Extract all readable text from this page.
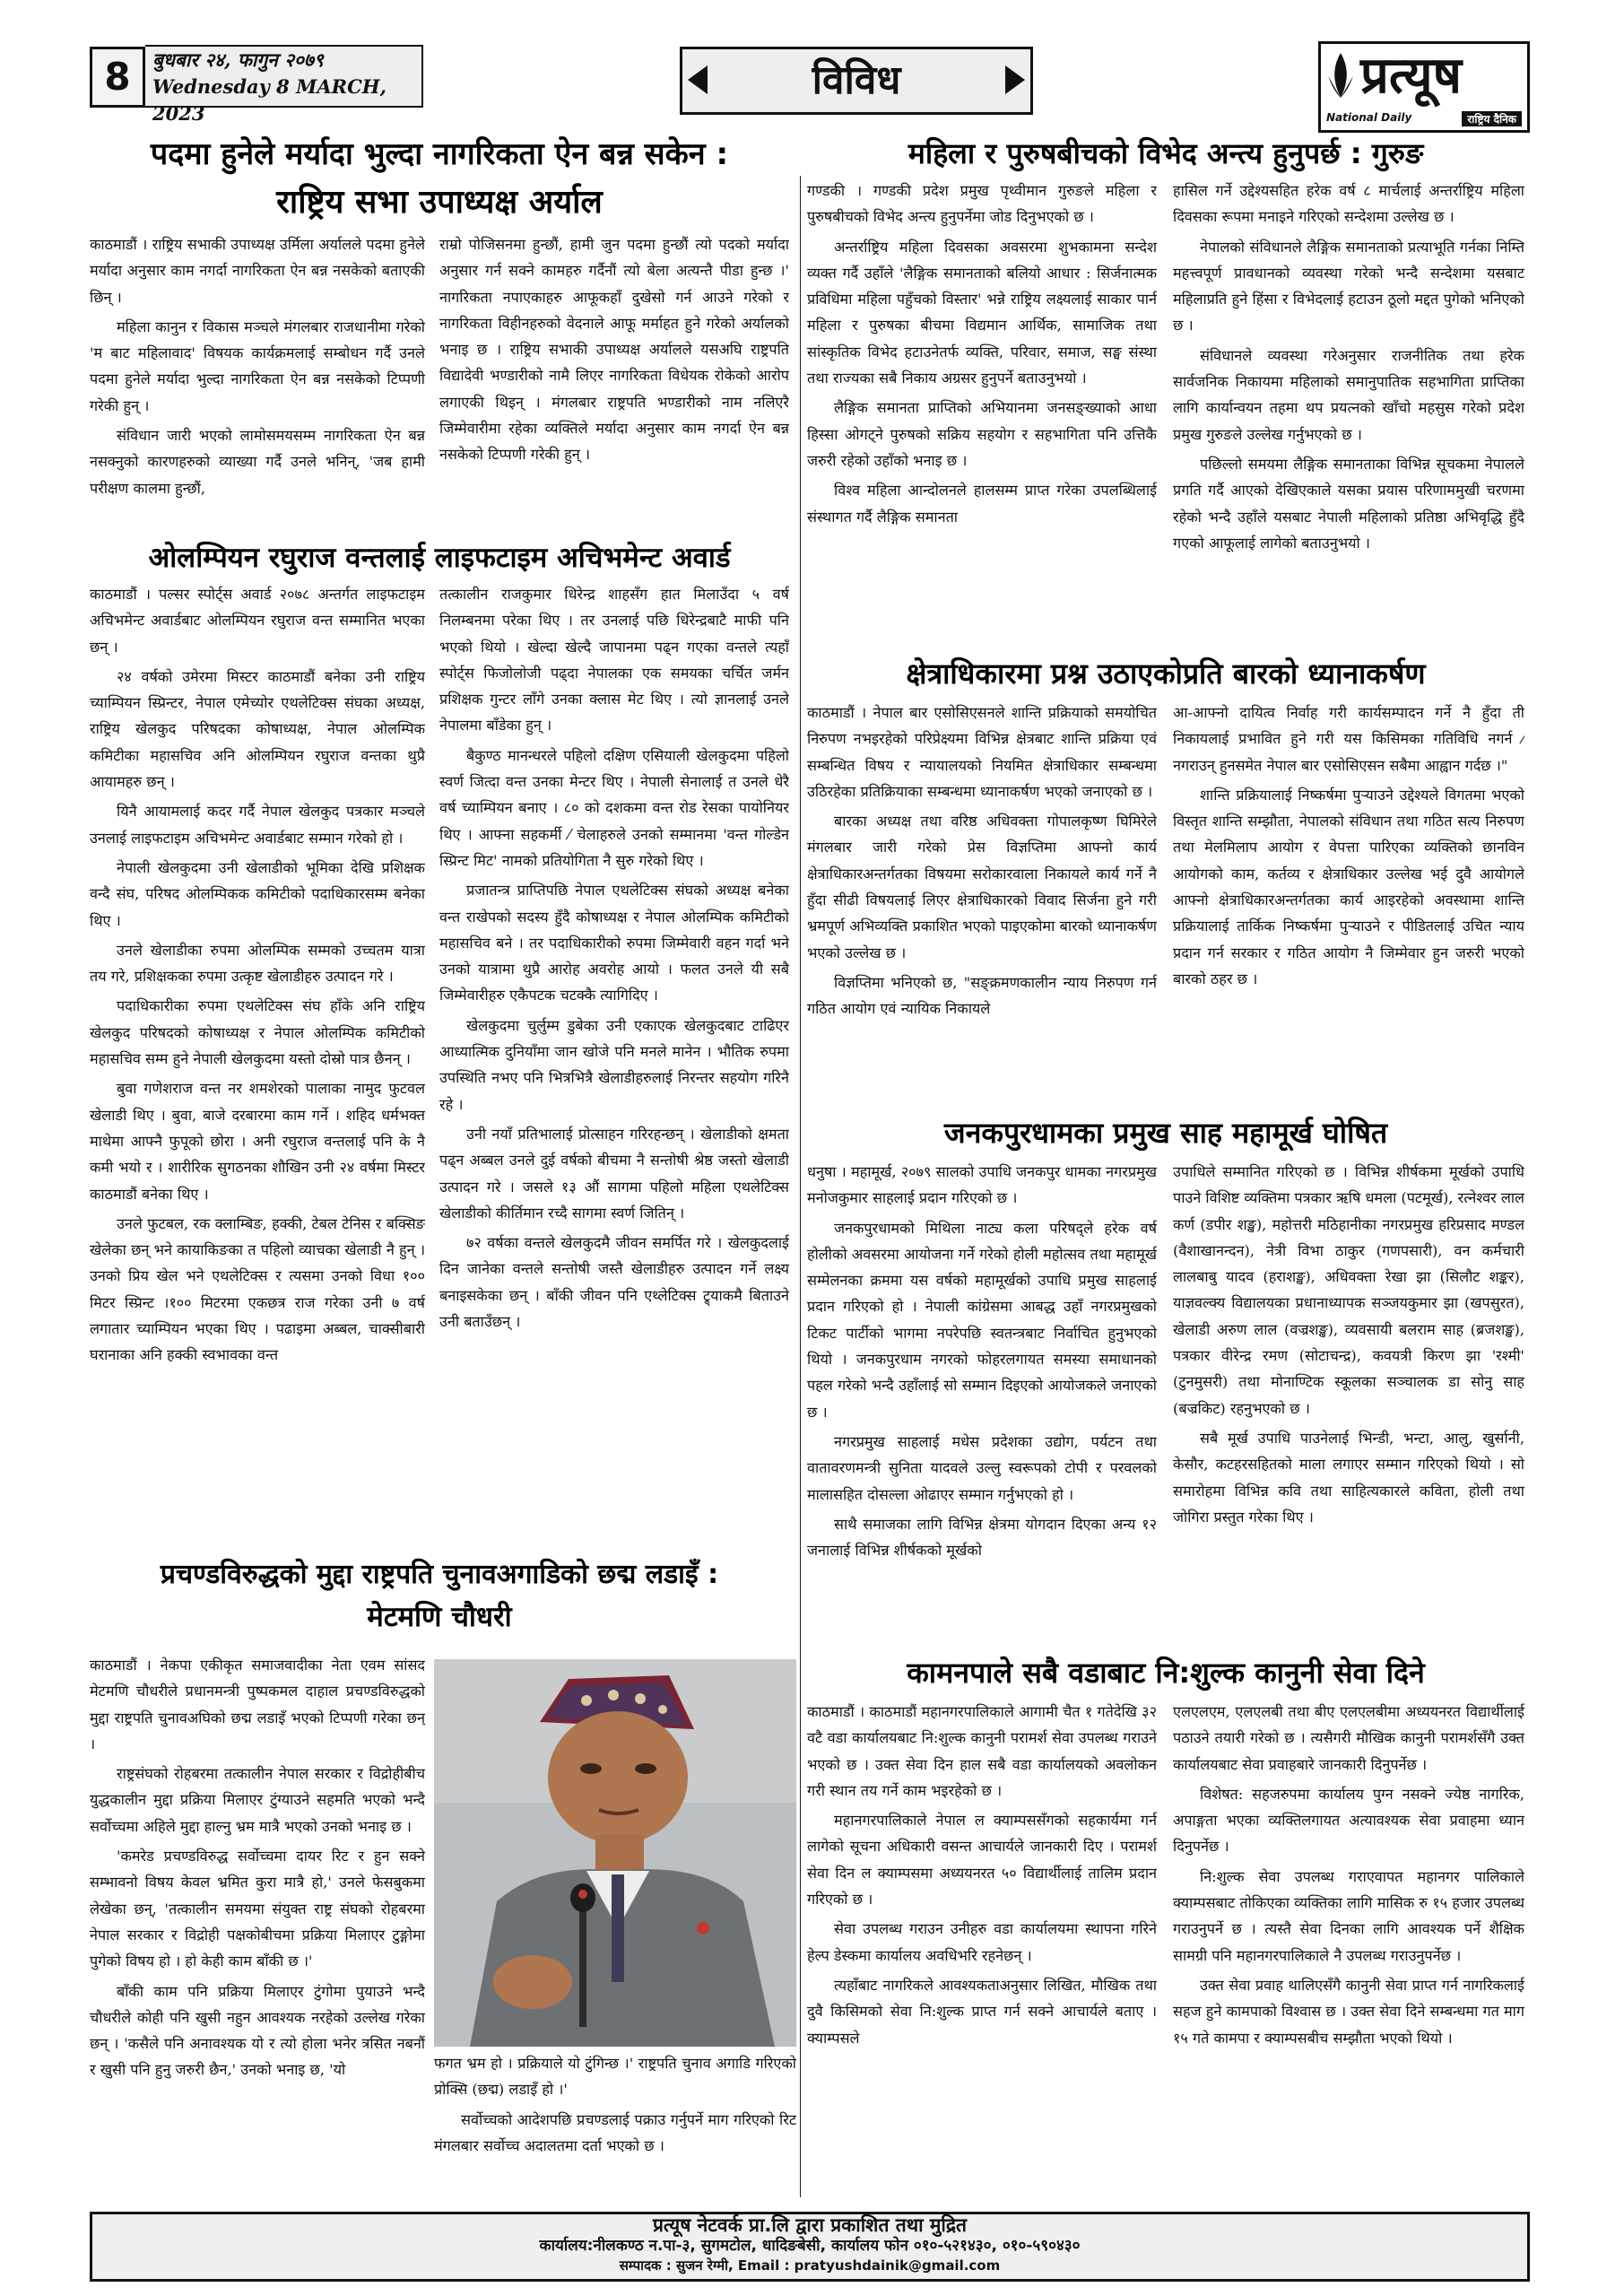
8	बुधबार २४, फागुन २०७९
Wednesday 8 MARCH, 2023
विविध	प्रत्यूष
National Daily	राष्ट्रिय दैनिक
पदमा हुनेले मर्यादा भुल्दा नागरिकता ऐन बन्न सकेन :
राष्ट्रिय सभा उपाध्यक्ष अर्याल

काठमाडौं । राष्ट्रिय सभाकी उपाध्यक्ष उर्मिला अर्यालले पदमा हुनेले मर्यादा अनुसार काम नगर्दा नागरिकता ऐन बन्न नसकेको बताएकी छिन् ।

महिला कानुन र विकास मञ्चले मंगलबार राजधानीमा गरेको 'म बाट महिलावाद' विषयक कार्यक्रमलाई सम्बोधन गर्दै उनले पदमा हुनेले मर्यादा भुल्दा नागरिकता ऐन बन्न नसकेको टिप्पणी गरेकी हुन् ।

संविधान जारी भएको लामोसमयसम्म नागरिकता ऐन बन्न नसक्नुको कारणहरुको व्याख्या गर्दै उनले भनिन्, 'जब हामी परीक्षण कालमा हुन्छौं,

राम्रो पोजिसनमा हुन्छौं, हामी जुन पदमा हुन्छौं त्यो पदको मर्यादा अनुसार गर्न सक्ने कामहरु गर्दैनौं त्यो बेला अत्यन्तै पीडा हुन्छ ।' नागरिकता नपाएकाहरु आफूकहाँ दुखेसो गर्न आउने गरेको र नागरिकता विहीनहरुको वेदनाले आफू मर्माहत हुने गरेको अर्यालको भनाइ छ । राष्ट्रिय सभाकी उपाध्यक्ष अर्यालले यसअघि राष्ट्रपति विद्यादेवी भण्डारीको नामै लिएर नागरिकता विधेयक रोकेको आरोप लगाएकी थिइन् । मंगलबार राष्ट्रपति भण्डारीको नाम नलिएरै जिम्मेवारीमा रहेका व्यक्तिले मर्यादा अनुसार काम नगर्दा ऐन बन्न नसकेको टिप्पणी गरेकी हुन् ।

ओलम्पियन रघुराज वन्तलाई लाइफटाइम अचिभमेन्ट अवार्ड

काठमाडौं । पल्सर स्पोर्ट्स अवार्ड २०७८ अन्तर्गत लाइफटाइम अचिभमेन्ट अवार्डबाट ओलम्पियन रघुराज वन्त सम्मानित भएका छन् ।

२४ वर्षको उमेरमा मिस्टर काठमाडौं बनेका उनी राष्ट्रिय च्याम्पियन स्प्रिन्टर, नेपाल एमेच्योर एथलेटिक्स संघका अध्यक्ष, राष्ट्रिय खेलकुद परिषदका कोषाध्यक्ष, नेपाल ओलम्पिक कमिटीका महासचिव अनि ओलम्पियन रघुराज वन्तका थुप्रै आयामहरु छन् ।

यिनै आयामलाई कदर गर्दै नेपाल खेलकुद पत्रकार मञ्चले उनलाई लाइफटाइम अचिभमेन्ट अवार्डबाट सम्मान गरेको हो ।

नेपाली खेलकुदमा उनी खेलाडीको भूमिका देखि प्रशिक्षक वन्दै संघ, परिषद ओलम्पिकक कमिटीको पदाधिकारसम्म बनेका थिए ।

उनले खेलाडीका रुपमा ओलम्पिक सम्मको उच्चतम यात्रा तय गरे, प्रशिक्षकका रुपमा उत्कृष्ट खेलाडीहरु उत्पादन गरे ।

पदाधिकारीका रुपमा एथलेटिक्स संघ हाँके अनि राष्ट्रिय खेलकुद परिषदको कोषाध्यक्ष र नेपाल ओलम्पिक कमिटीको महासचिव सम्म हुने नेपाली खेलकुदमा यस्तो दोस्रो पात्र छैनन् ।

बुवा गणेशराज वन्त नर शमशेरको पालाका नामुद फुटवल खेलाडी थिए । बुवा, बाजे दरबारमा काम गर्ने । शहिद धर्मभक्त माथेमा आफ्नै फुपूको छोरा । अनी रघुराज वन्तलाई पनि के नै कमी भयो र । शारीरिक सुगठनका शौखिन उनी २४ वर्षमा मिस्टर काठमाडौं बनेका थिए ।

उनले फुटबल, रक क्लाम्बिङ, हक्की, टेबल टेनिस र बक्सिङ खेलेका छन् भने कायाकिङका त पहिलो व्याचका खेलाडी नै हुन् । उनको प्रिय खेल भने एथलेटिक्स र त्यसमा उनको विधा १०० मिटर स्प्रिन्ट ।१०० मिटरमा एकछत्र राज गरेका उनी ७ वर्ष लगातार च्याम्पियन भएका थिए । पढाइमा अब्बल, चाक्सीबारी घरानाका अनि हक्की स्वभावका वन्त

तत्कालीन राजकुमार धिरेन्द्र शाहसँग हात मिलाउँदा ५ वर्ष निलम्बनमा परेका थिए । तर उनलाई पछि धिरेन्द्रबाटै माफी पनि भएको थियो । खेल्दा खेल्दै जापानमा पढ्न गएका वन्तले त्यहाँ स्पोर्ट्स फिजोलोजी पढ्दा नेपालका एक समयका चर्चित जर्मन प्रशिक्षक गुन्टर लाँगे उनका क्लास मेट थिए । त्यो ज्ञानलाई उनले नेपालमा बाँडेका हुन् ।

बैकुण्ठ मानन्धरले पहिलो दक्षिण एसियाली खेलकुदमा पहिलो स्वर्ण जित्दा वन्त उनका मेन्टर थिए । नेपाली सेनालाई त उनले धेरै वर्ष च्याम्पियन बनाए । ८० को दशकमा वन्त रोड रेसका पायोनियर थिए । आफ्ना सहकर्मी ⁄ चेलाहरुले उनको सम्मानमा 'वन्त गोल्डेन स्प्रिन्ट मिट' नामको प्रतियोगिता नै सुरु गरेको थिए ।

प्रजातन्त्र प्राप्तिपछि नेपाल एथलेटिक्स संघको अध्यक्ष बनेका वन्त राखेपको सदस्य हुँदै कोषाध्यक्ष र नेपाल ओलम्पिक कमिटीको महासचिव बने । तर पदाधिकारीको रुपमा जिम्मेवारी वहन गर्दा भने उनको यात्रामा थुप्रै आरोह अवरोह आयो । फलत उनले यी सबै जिम्मेवारीहरु एकैपटक चटक्कै त्यागिदिए ।

खेलकुदमा चुर्लुम्म डुबेका उनी एकाएक खेलकुदबाट टाढिएर आध्यात्मिक दुनियाँमा जान खोजे पनि मनले मानेन । भौतिक रुपमा उपस्थिति नभए पनि भित्रभित्रै खेलाडीहरुलाई निरन्तर सहयोग गरिनै रहे ।

उनी नयाँ प्रतिभालाई प्रोत्साहन गरिरहन्छन् । खेलाडीको क्षमता पढ्न अब्बल उनले दुई वर्षको बीचमा नै सन्तोषी श्रेष्ठ जस्तो खेलाडी उत्पादन गरे । जसले १३ औं सागमा पहिलो महिला एथलेटिक्स खेलाडीको कीर्तिमान रच्दै सागमा स्वर्ण जितिन् ।

७२ वर्षका वन्तले खेलकुदमै जीवन समर्पित गरे । खेलकुदलाई दिन जानेका वन्तले सन्तोषी जस्तै खेलाडीहरु उत्पादन गर्ने लक्ष्य बनाइसकेका छन् । बाँकी जीवन पनि एथ्लेटिक्स ट्र्याकमै बिताउने उनी बताउँछन् ।

प्रचण्डविरुद्धको मुद्दा राष्ट्रपति चुनावअगाडिको छद्म लडाइँ :
मेटमणि चौधरी

काठमाडौं । नेकपा एकीकृत समाजवादीका नेता एवम सांसद मेटमणि चौधरीले प्रधानमन्त्री पुष्पकमल दाहाल प्रचण्डविरुद्धको मुद्दा राष्ट्रपति चुनावअघिको छद्म लडाइँ भएको टिप्पणी गरेका छन् ।

राष्ट्रसंघको रोहबरमा तत्कालीन नेपाल सरकार र विद्रोहीबीच युद्धकालीन मुद्दा प्रक्रिया मिलाएर टुंग्याउने सहमति भएको भन्दै सर्वोच्चमा अहिले मुद्दा हाल्नु भ्रम मात्रै भएको उनको भनाइ छ ।

'कमरेड प्रचण्डविरुद्ध सर्वोच्चमा दायर रिट र हुन सक्ने सम्भावनो विषय केवल भ्रमित कुरा मात्रै हो,' उनले फेसबुकमा लेखेका छन्, 'तत्कालीन समयमा संयुक्त राष्ट्र संघको रोहबरमा नेपाल सरकार र विद्रोही पक्षकोबीचमा प्रक्रिया मिलाएर टुङ्गोमा पुगेको विषय हो । हो केही काम बाँकी छ ।'

बाँकी काम पनि प्रक्रिया मिलाएर टुंगोमा पुयाउने भन्दै चौधरीले कोही पनि खुसी नहुन आवश्यक नरहेको उल्लेख गरेका छन् । 'कसैले पनि अनावश्यक यो र त्यो होला भनेर त्रसित नबनौं र खुसी पनि हुनु जरुरी छैन,' उनको भनाइ छ, 'यो	फगत भ्रम हो । प्रक्रियाले यो टुंगिन्छ ।' राष्ट्रपति चुनाव अगाडि गरिएको प्रोक्सि (छद्म) लडाइँ हो ।'

सर्वोच्चको आदेशपछि प्रचण्डलाई पक्राउ गर्नुपर्ने माग गरिएको रिट मंगलबार सर्वोच्च अदालतमा दर्ता भएको छ ।

महिला र पुरुषबीचको विभेद अन्त्य हुनुपर्छ : गुरुङ

गण्डकी । गण्डकी प्रदेश प्रमुख पृथ्वीमान गुरुङले महिला र पुरुषबीचको विभेद अन्त्य हुनुपर्नेमा जोड दिनुभएको छ ।

अन्तर्राष्ट्रिय महिला दिवसका अवसरमा शुभकामना सन्देश व्यक्त गर्दै उहाँले 'लैङ्गिक समानताको बलियो आधार : सिर्जनात्मक प्रविधिमा महिला पहुँचको विस्तार' भन्ने राष्ट्रिय लक्ष्यलाई साकार पार्न महिला र पुरुषका बीचमा विद्यमान आर्थिक, सामाजिक तथा सांस्कृतिक विभेद हटाउनेतर्फ व्यक्ति, परिवार, समाज, सङ्घ संस्था तथा राज्यका सबै निकाय अग्रसर हुनुपर्ने बताउनुभयो ।

लैङ्गिक समानता प्राप्तिको अभियानमा जनसङ्ख्याको आधा हिस्सा ओगट्ने पुरुषको सक्रिय सहयोग र सहभागिता पनि उत्तिकै जरुरी रहेको उहाँको भनाइ छ ।

विश्व महिला आन्दोलनले हालसम्म प्राप्त गरेका उपलब्धिलाई संस्थागत गर्दै लैङ्गिक समानता

हासिल गर्ने उद्देश्यसहित हरेक वर्ष ८ मार्चलाई अन्तर्राष्ट्रिय महिला दिवसका रूपमा मनाइने गरिएको सन्देशमा उल्लेख छ ।

नेपालको संविधानले लैङ्गिक समानताको प्रत्याभूति गर्नका निम्ति महत्त्वपूर्ण प्रावधानको व्यवस्था गरेको भन्दै सन्देशमा यसबाट महिलाप्रति हुने हिंसा र विभेदलाई हटाउन ठूलो मद्दत पुगेको भनिएको छ ।

संविधानले व्यवस्था गरेअनुसार राजनीतिक तथा हरेक सार्वजनिक निकायमा महिलाको समानुपातिक सहभागिता प्राप्तिका लागि कार्यान्वयन तहमा थप प्रयत्नको खाँचो महसुस गरेको प्रदेश प्रमुख गुरुङले उल्लेख गर्नुभएको छ ।

पछिल्लो समयमा लैङ्गिक समानताका विभिन्न सूचकमा नेपालले प्रगति गर्दै आएको देखिएकाले यसका प्रयास परिणाममुखी चरणमा रहेको भन्दै उहाँले यसबाट नेपाली महिलाको प्रतिष्ठा अभिवृद्धि हुँदै गएको आफूलाई लागेको बताउनुभयो ।

क्षेत्राधिकारमा प्रश्न उठाएकोप्रति बारको ध्यानाकर्षण

काठमाडौं । नेपाल बार एसोसिएसनले शान्ति प्रक्रियाको समयोचित निरुपण नभइरहेको परिप्रेक्ष्यमा विभिन्न क्षेत्रबाट शान्ति प्रक्रिया एवं सम्बन्धित विषय र न्यायालयको नियमित क्षेत्राधिकार सम्बन्धमा उठिरहेका प्रतिक्रियाका सम्बन्धमा ध्यानाकर्षण भएको जनाएको छ ।

बारका अध्यक्ष तथा वरिष्ठ अधिवक्ता गोपालकृष्ण घिमिरेले मंगलबार जारी गरेको प्रेस विज्ञप्तिमा आफ्नो कार्य क्षेत्राधिकारअन्तर्गतका विषयमा सरोकारवाला निकायले कार्य गर्ने नै हुँदा सीढी विषयलाई लिएर क्षेत्राधिकारको विवाद सिर्जना हुने गरी भ्रमपूर्ण अभिव्यक्ति प्रकाशित भएको पाइएकोमा बारको ध्यानाकर्षण भएको उल्लेख छ ।

विज्ञप्तिमा भनिएको छ, "सङ्क्रमणकालीन न्याय निरुपण गर्न गठित आयोग एवं न्यायिक निकायले

आ-आफ्नो दायित्व निर्वाह गरी कार्यसम्पादन गर्ने नै हुँदा ती निकायलाई प्रभावित हुने गरी यस किसिमका गतिविधि नगर्न ⁄ नगराउन् हुनसमेत नेपाल बार एसोसिएसन सबैमा आह्वान गर्दछ ।"

शान्ति प्रक्रियालाई निष्कर्षमा पुऱ्याउने उद्देश्यले विगतमा भएको विस्तृत शान्ति सम्झौता, नेपालको संविधान तथा गठित सत्य निरुपण तथा मेलमिलाप आयोग र वेपत्ता पारिएका व्यक्तिको छानविन आयोगको काम, कर्तव्य र क्षेत्राधिकार उल्लेख भई दुवै आयोगले आफ्नो क्षेत्राधिकारअन्तर्गतका कार्य आइरहेको अवस्थामा शान्ति प्रक्रियालाई तार्किक निष्कर्षमा पुऱ्याउने र पीडितलाई उचित न्याय प्रदान गर्न सरकार र गठित आयोग नै जिम्मेवार हुन जरुरी भएको बारको ठहर छ ।

जनकपुरधामका प्रमुख साह महामूर्ख घोषित

धनुषा । महामूर्ख, २०७९ सालको उपाधि जनकपुर धामका नगरप्रमुख मनोजकुमार साहलाई प्रदान गरिएको छ ।

जनकपुरधामको मिथिला नाट्य कला परिषद्ले हरेक वर्ष होलीको अवसरमा आयोजना गर्ने गरेको होली महोत्सव तथा महामूर्ख सम्मेलनका क्रममा यस वर्षको महामूर्खको उपाधि प्रमुख साहलाई प्रदान गरिएको हो । नेपाली कांग्रेसमा आबद्ध उहाँ नगरप्रमुखको टिकट पार्टीको भागमा नपरेपछि स्वतन्त्रबाट निर्वाचित हुनुभएको थियो । जनकपुरधाम नगरको फोहरलगायत समस्या समाधानको पहल गरेको भन्दै उहाँलाई सो सम्मान दिइएको आयोजकले जनाएको छ ।

नगरप्रमुख साहलाई मधेस प्रदेशका उद्योग, पर्यटन तथा वातावरणमन्त्री सुनिता यादवले उल्लु स्वरूपको टोपी र परवलको मालासहित दोसल्ला ओढाएर सम्मान गर्नुभएको हो ।

साथै समाजका लागि विभिन्न क्षेत्रमा योगदान दिएका अन्य १२ जनालाई विभिन्न शीर्षकको मूर्खको

उपाधिले सम्मानित गरिएको छ । विभिन्न शीर्षकमा मूर्खको उपाधि पाउने विशिष्ट व्यक्तिमा पत्रकार ऋषि धमला (पटमूर्ख), रत्नेश्वर लाल कर्ण (डपीर शङ्ख), महोत्तरी मठिहानीका नगरप्रमुख हरिप्रसाद मण्डल (वैशाखानन्दन), नेत्री विभा ठाकुर (गणपसारी), वन कर्मचारी लालबाबु यादव (हराशङ्ख), अधिवक्ता रेखा झा (सिलौट शङ्कर), याज्ञवल्क्य विद्यालयका प्रधानाध्यापक सञ्जयकुमार झा (खपसुरत), खेलाडी अरुण लाल (वज्रशङ्ख), व्यवसायी बलराम साह (ब्रजशङ्ख), पत्रकार वीरेन्द्र रमण (सोटाचन्द्र), कवयत्री किरण झा 'रश्मी' (टुनमुसरी) तथा मोनाण्टिक स्कूलका सञ्चालक डा सोनु साह (बज्रकिट) रहनुभएको छ ।

सबै मूर्ख उपाधि पाउनेलाई भिन्डी, भन्टा, आलु, खुर्सानी, केसौर, कटहरसहितको माला लगाएर सम्मान गरिएको थियो । सो समारोहमा विभिन्न कवि तथा साहित्यकारले कविता, होली तथा जोगिरा प्रस्तुत गरेका थिए ।

कामनपाले सबै वडाबाट नि:शुल्क कानुनी सेवा दिने

काठमाडौं । काठमाडौं महानगरपालिकाले आगामी चैत १ गतेदेखि ३२ वटै वडा कार्यालयबाट नि:शुल्क कानुनी परामर्श सेवा उपलब्ध गराउने भएको छ । उक्त सेवा दिन हाल सबै वडा कार्यालयको अवलोकन गरी स्थान तय गर्ने काम भइरहेको छ ।

महानगरपालिकाले नेपाल ल क्याम्पससँगको सहकार्यमा गर्न लागेको सूचना अधिकारी वसन्त आचार्यले जानकारी दिए । परामर्श सेवा दिन ल क्याम्पसमा अध्ययनरत ५० विद्यार्थीलाई तालिम प्रदान गरिएको छ ।

सेवा उपलब्ध गराउन उनीहरु वडा कार्यालयमा स्थापना गरिने हेल्प डेस्कमा कार्यालय अवधिभरि रहनेछन् ।

त्यहाँबाट नागरिकले आवश्यकताअनुसार लिखित, मौखिक तथा दुवै किसिमको सेवा नि:शुल्क प्राप्त गर्न सक्ने आचार्यले बताए । क्याम्पसले

एलएलएम, एलएलबी तथा बीए एलएलबीमा अध्ययनरत विद्यार्थीलाई पठाउने तयारी गरेको छ । त्यसैगरी मौखिक कानुनी परामर्शसँगै उक्त कार्यालयबाट सेवा प्रवाहबारे जानकारी दिनुपर्नेछ ।

विशेषत: सहजरुपमा कार्यालय पुग्न नसक्ने ज्येष्ठ नागरिक, अपाङ्गता भएका व्यक्तिलगायत अत्यावश्यक सेवा प्रवाहमा ध्यान दिनुपर्नेछ ।

नि:शुल्क सेवा उपलब्ध गराएवापत महानगर पालिकाले क्याम्पसबाट तोकिएका व्यक्तिका लागि मासिक रु १५ हजार उपलब्ध गराउनुपर्ने छ । त्यस्तै सेवा दिनका लागि आवश्यक पर्ने शैक्षिक सामग्री पनि महानगरपालिकाले नै उपलब्ध गराउनुपर्नेछ ।

उक्त सेवा प्रवाह थालिएसँगै कानुनी सेवा प्राप्त गर्न नागरिकलाई सहज हुने कामपाको विश्वास छ । उक्त सेवा दिने सम्बन्धमा गत माग १५ गते कामपा र क्याम्पसबीच सम्झौता भएको थियो ।

प्रत्यूष नेटवर्क प्रा.लि द्वारा प्रकाशित तथा मुद्रित
कार्यालय:नीलकण्ठ न.पा-३, सुगमटोल, धादिङबेसी, कार्यालय फोन ०१०-५२१४३०, ०१०-५९०४३०
सम्पादक : सुजन रेग्मी, Email : pratyushdainik@gmail.com
